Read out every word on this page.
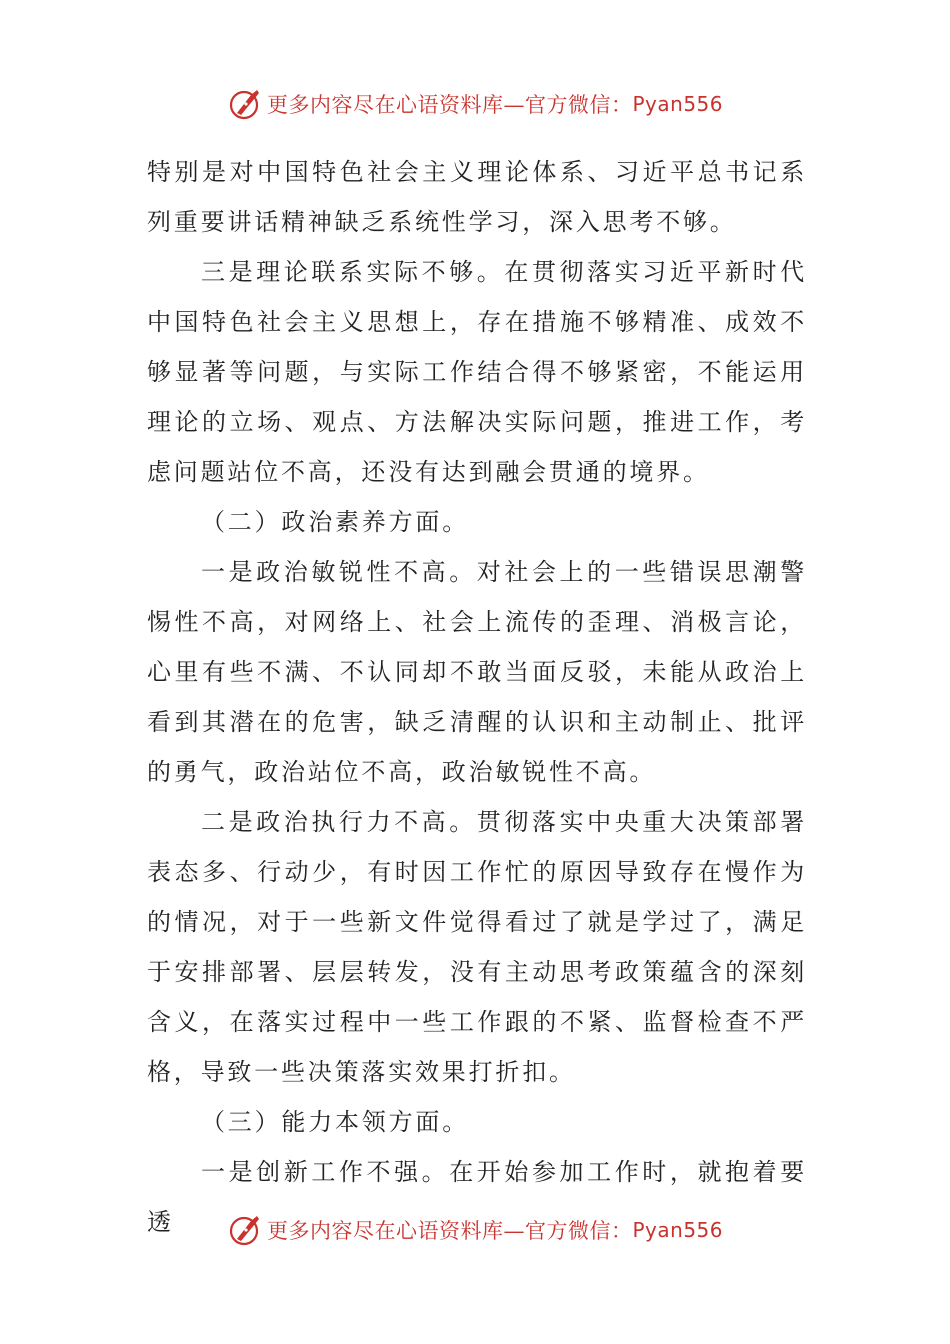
更多内容尽在心语资料库—官方微信： Pyan556

特别是对中国特色社会主义理论体系、习近平总书记系列重要讲话精神缺乏系统性学习，深入思考不够。

三是理论联系实际不够。在贯彻落实习近平新时代中国特色社会主义思想上，存在措施不够精准、成效不够显著等问题，与实际工作结合得不够紧密，不能运用理论的立场、观点、方法解决实际问题，推进工作，考虑问题站位不高，还没有达到融会贯通的境界。

（二）政治素养方面。

一是政治敏锐性不高。对社会上的一些错误思潮警惕性不高，对网络上、社会上流传的歪理、消极言论，心里有些不满、不认同却不敢当面反驳，未能从政治上看到其潜在的危害，缺乏清醒的认识和主动制止、批评的勇气，政治站位不高，政治敏锐性不高。

二是政治执行力不高。贯彻落实中央重大决策部署表态多、行动少，有时因工作忙的原因导致存在慢作为的情况，对于一些新文件觉得看过了就是学过了，满足于安排部署、层层转发，没有主动思考政策蕴含的深刻含义，在落实过程中一些工作跟的不紧、监督检查不严格，导致一些决策落实效果打折扣。

（三）能力本领方面。

一是创新工作不强。在开始参加工作时，就抱着要透	更多内容尽在心语资料库—官方微信： Pyan556
